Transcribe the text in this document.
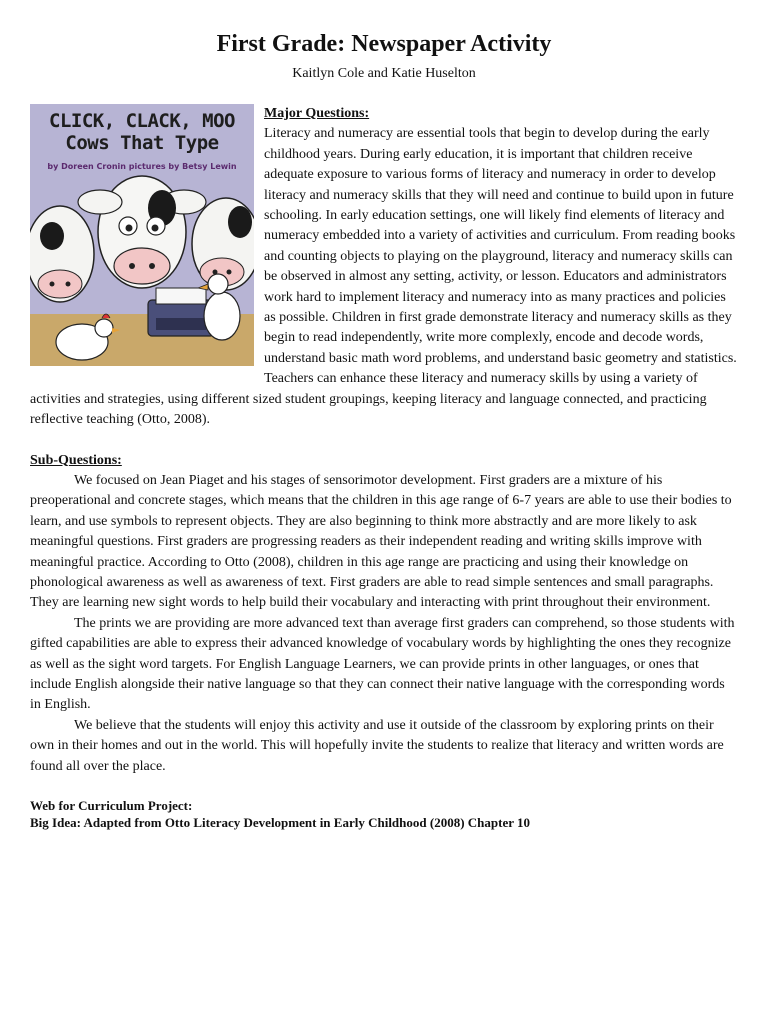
First Grade: Newspaper Activity
Kaitlyn Cole and Katie Huselton
CLICK, CLACK, MOO
Cows That Type
by Doreen Cronin pictures by Betsy Lewin
Major Questions:

Literacy and numeracy are essential tools that begin to develop during the early childhood years. During early education, it is important that children receive adequate exposure to various forms of literacy and numeracy in order to develop literacy and numeracy skills that they will need and continue to build upon in future schooling. In early education settings, one will likely find elements of literacy and numeracy embedded into a variety of activities and curriculum. From reading books and counting objects to playing on the playground, literacy and numeracy skills can be observed in almost any setting, activity, or lesson. Educators and administrators work hard to implement literacy and numeracy into as many practices and policies as possible. Children in first grade demonstrate literacy and numeracy skills as they begin to read independently, write more complexly, encode and decode words, understand basic math word problems, and understand basic geometry and statistics. Teachers can enhance these literacy and numeracy skills by using a variety of activities and strategies, using different sized student groupings, keeping literacy and language connected, and practicing reflective teaching (Otto, 2008).

Sub-Questions:

We focused on Jean Piaget and his stages of sensorimotor development. First graders are a mixture of his preoperational and concrete stages, which means that the children in this age range of 6-7 years are able to use their bodies to learn, and use symbols to represent objects. They are also beginning to think more abstractly and are more likely to ask meaningful questions. First graders are progressing readers as their independent reading and writing skills improve with meaningful practice. According to Otto (2008), children in this age range are practicing and using their knowledge on phonological awareness as well as awareness of text. First graders are able to read simple sentences and small paragraphs. They are learning new sight words to help build their vocabulary and interacting with print throughout their environment.

The prints we are providing are more advanced text than average first graders can comprehend, so those students with gifted capabilities are able to express their advanced knowledge of vocabulary words by highlighting the ones they recognize as well as the sight word targets. For English Language Learners, we can provide prints in other languages, or ones that include English alongside their native language so that they can connect their native language with the corresponding words in English.

We believe that the students will enjoy this activity and use it outside of the classroom by exploring prints on their own in their homes and out in the world. This will hopefully invite the students to realize that literacy and written words are found all over the place.

Web for Curriculum Project:
Big Idea: Adapted from Otto Literacy Development in Early Childhood (2008) Chapter 10
